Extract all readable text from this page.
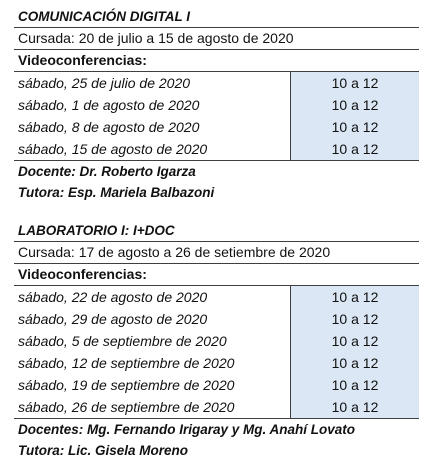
COMUNICACIÓN DIGITAL I
Cursada: 20 de julio a 15 de agosto de 2020
Videoconferencias:
sábado, 25 de julio de 2020	10 a 12
sábado, 1 de agosto de 2020	10 a 12
sábado, 8 de agosto de 2020	10 a 12
sábado, 15 de agosto de 2020	10 a 12
Docente: Dr. Roberto Igarza
Tutora: Esp. Mariela Balbazoni
LABORATORIO I: I+DOC
Cursada: 17 de agosto a 26 de setiembre de 2020
Videoconferencias:
sábado, 22 de agosto de 2020	10 a 12
sábado, 29 de agosto de 2020	10 a 12
sábado, 5 de septiembre de 2020	10 a 12
sábado, 12 de septiembre de 2020	10 a 12
sábado, 19 de septiembre de 2020	10 a 12
sábado, 26 de septiembre de 2020	10 a 12
Docentes: Mg. Fernando Irigaray y Mg. Anahí Lovato
Tutora: Lic. Gisela Moreno
